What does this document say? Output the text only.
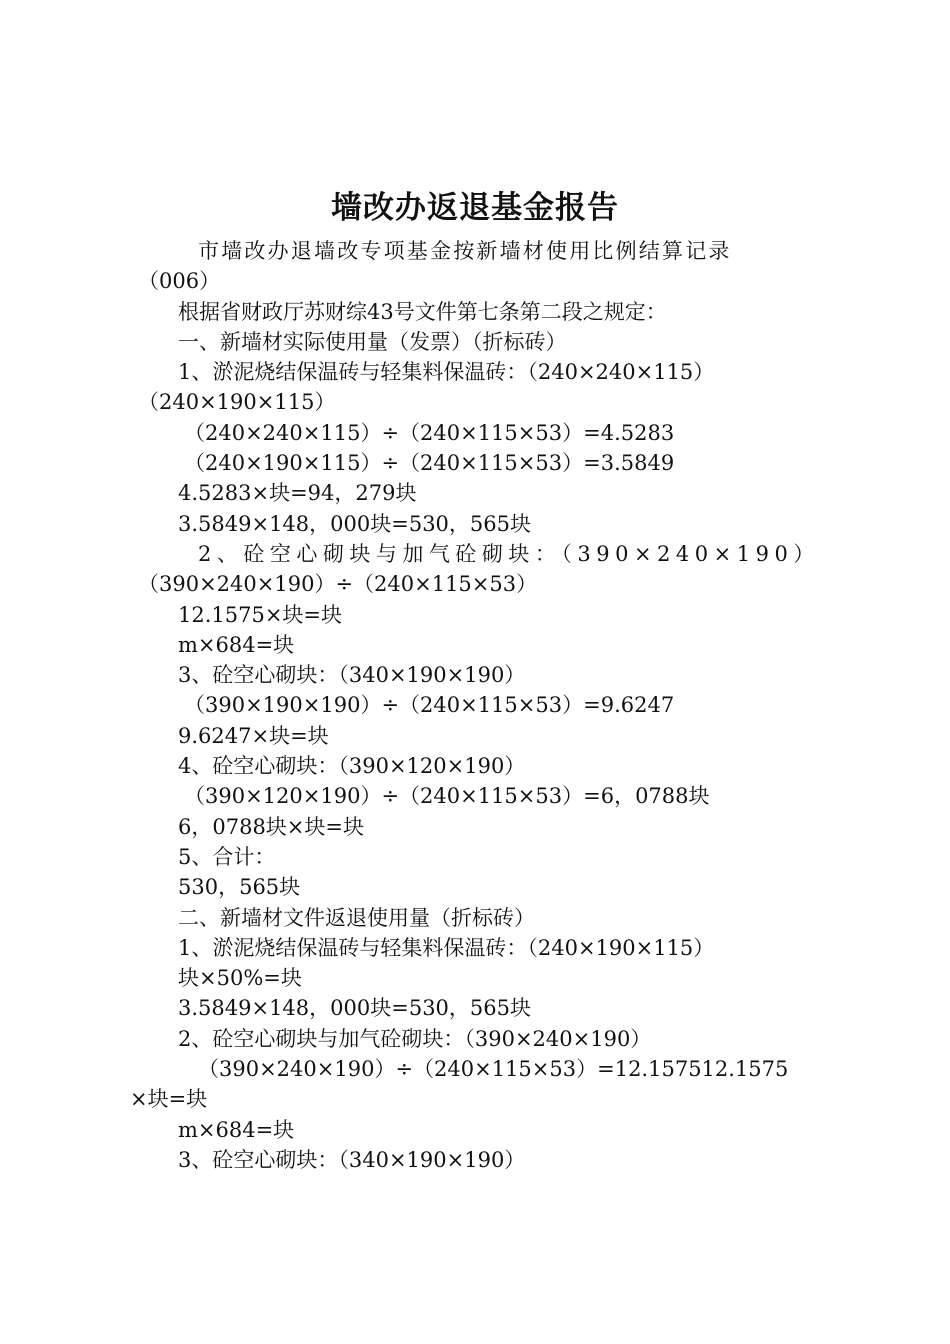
墙改办返退基金报告
市墙改办退墙改专项基金按新墙材使用比例结算记录
（006）
根据省财政厅苏财综43号文件第七条第二段之规定：
一、新墙材实际使用量（发票）（折标砖）
1、淤泥烧结保温砖与轻集料保温砖：（240×240×115）
（240×190×115）
（240×240×115）÷（240×115×53）=4.5283
（240×190×115）÷（240×115×53）=3.5849
4.5283×块=94，279块
3.5849×148，000块=530，565块
2、砼空心砌块与加气砼砌块：（390×240×190）
（390×240×190）÷（240×115×53）
12.1575×块=块
m×684=块
3、砼空心砌块：（340×190×190）
（390×190×190）÷（240×115×53）=9.6247
9.6247×块=块
4、砼空心砌块：（390×120×190）
（390×120×190）÷（240×115×53）=6，0788块
6，0788块×块=块
5、合计：
530，565块
二、新墙材文件返退使用量（折标砖）
1、淤泥烧结保温砖与轻集料保温砖：（240×190×115）
块×50%=块
3.5849×148，000块=530，565块
2、砼空心砌块与加气砼砌块：（390×240×190）
（390×240×190）÷（240×115×53）=12.157512.1575
×块=块
m×684=块
3、砼空心砌块：（340×190×190）
